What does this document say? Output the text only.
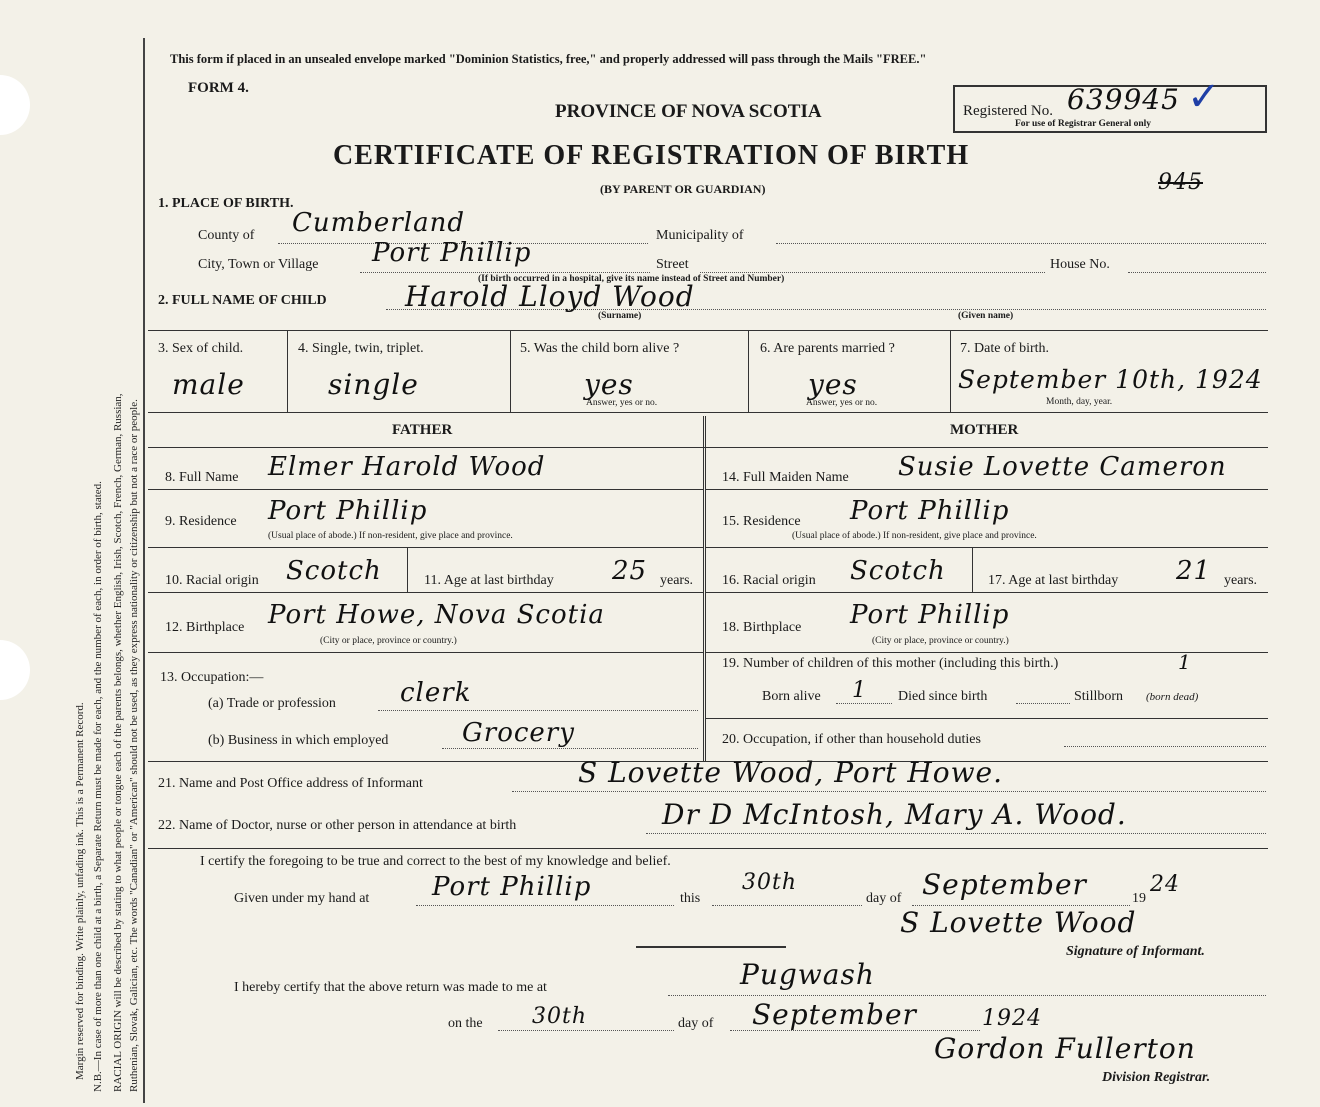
Margin reserved for binding. Write plainly, unfading ink. This is a Permanent Record. N.B.—In case of more than one child at a birth, a Separate Return must be made for each, and the number of each, in order of birth, stated. RACIAL ORIGIN will be described by stating to what people or tongue each of the parents belongs, whether English, Irish, Scotch, French, German, Russian, Ruthenian, Slovak, Galician, etc. The words "Canadian" or "American" should not be used, as they express nationality or citizenship but not a race or people.
This form if placed in an unsealed envelope marked "Dominion Statistics, free," and properly addressed will pass through the Mails "FREE."
FORM 4.
PROVINCE OF NOVA SCOTIA
CERTIFICATE OF REGISTRATION OF BIRTH
(BY PARENT OR GUARDIAN)
Registered No. 639945 ✓
For use of Registrar General only
945
1. PLACE OF BIRTH.
County of Cumberland	Municipality of
City, Town or Village Port Phillip	Street	House No.
(If birth occurred in a hospital, give its name instead of Street and Number)
2. FULL NAME OF CHILD	Harold Lloyd Wood
(Surname)	(Given name)
3. Sex of child.
male
4. Single, twin, triplet.
single
5. Was the child born alive ?
yes
Answer, yes or no.
6. Are parents married ?
yes
Answer, yes or no.
7. Date of birth.
September 10th, 1924
Month, day, year.
FATHER	MOTHER
8. Full Name Elmer Harold Wood
9. Residence Port Phillip
(Usual place of abode.) If non-resident, give place and province.
10. Racial origin Scotch	11. Age at last birthday 25 years.
12. Birthplace Port Howe, Nova Scotia
(City or place, province or country.)
13. Occupation:—
(a) Trade or profession clerk
(b) Business in which employed	Grocery
14. Full Maiden Name Susie Lovette Cameron
15. Residence Port Phillip
(Usual place of abode.) If non-resident, give place and province.
16. Racial origin Scotch	17. Age at last birthday 21 years.
18. Birthplace Port Phillip
(City or place, province or country.)
19. Number of children of this mother (including this birth.)	1
Born alive 1 Died since birth	Stillborn (born dead)
20. Occupation, if other than household duties
21. Name and Post Office address of Informant	S Lovette Wood, Port Howe.
22. Name of Doctor, nurse or other person in attendance at birth	Dr D McIntosh, Mary A. Wood.
I certify the foregoing to be true and correct to the best of my knowledge and belief.
Given under my hand at Port Phillip	this
30th
day of September	19
24
S Lovette Wood
Signature of Informant.
I hereby certify that the above return was made to me at	Pugwash
on the 30th	day of September	1924
Gordon Fullerton
Division Registrar.
